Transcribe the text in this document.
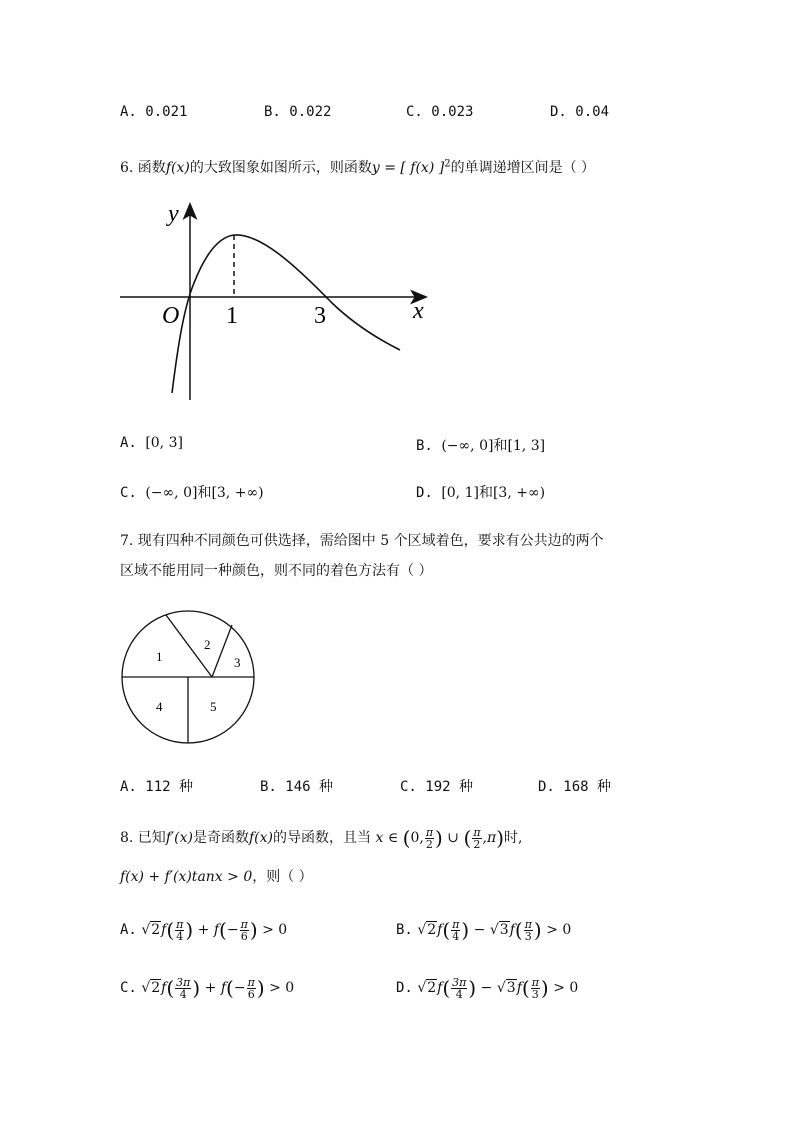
A. 0.021	B. 0.022	C. 0.023	D. 0.04
6. 函数f(x)的大致图象如图所示，则函数y = [ f(x) ]$^2$的单调递增区间是（ ）
y
x
O 1	3
A. [0, 3]	B. (−∞, 0]和[1, 3]
C. (−∞, 0]和[3, +∞)	D. [0, 1]和[3, +∞)
7. 现有四种不同颜色可供选择，需给图中 5 个区域着色，要求有公共边的两个
区域不能用同一种颜色，则不同的着色方法有（ ）
1
2
3
4	5
A. 112 种	B. 146 种	C. 192 种	D. 168 种
8. 已知f′(x)是奇函数f(x)的导函数，且当 x ∈ (0, $\frac{\pi}{2}$ ) ∪ ( $\frac{\pi}{2} ,\pi$)时,
f(x) + f′(x)tanx > 0，则（ ）
A. $√2f( \frac{\pi}{4}$ ) + $f(- \frac{\pi}{6}$ ) > 0	B. $√2f( \frac{\pi}{4}$ ) − $√3f( \frac{\pi}{3}$ ) > 0
C. $√2f( \frac{3\pi}{4}$ ) + $f(- \frac{\pi}{6}$ ) > 0	D. $√2f( \frac{3\pi}{4}$ ) − $√3f( \frac{\pi}{3}$ ) > 0
